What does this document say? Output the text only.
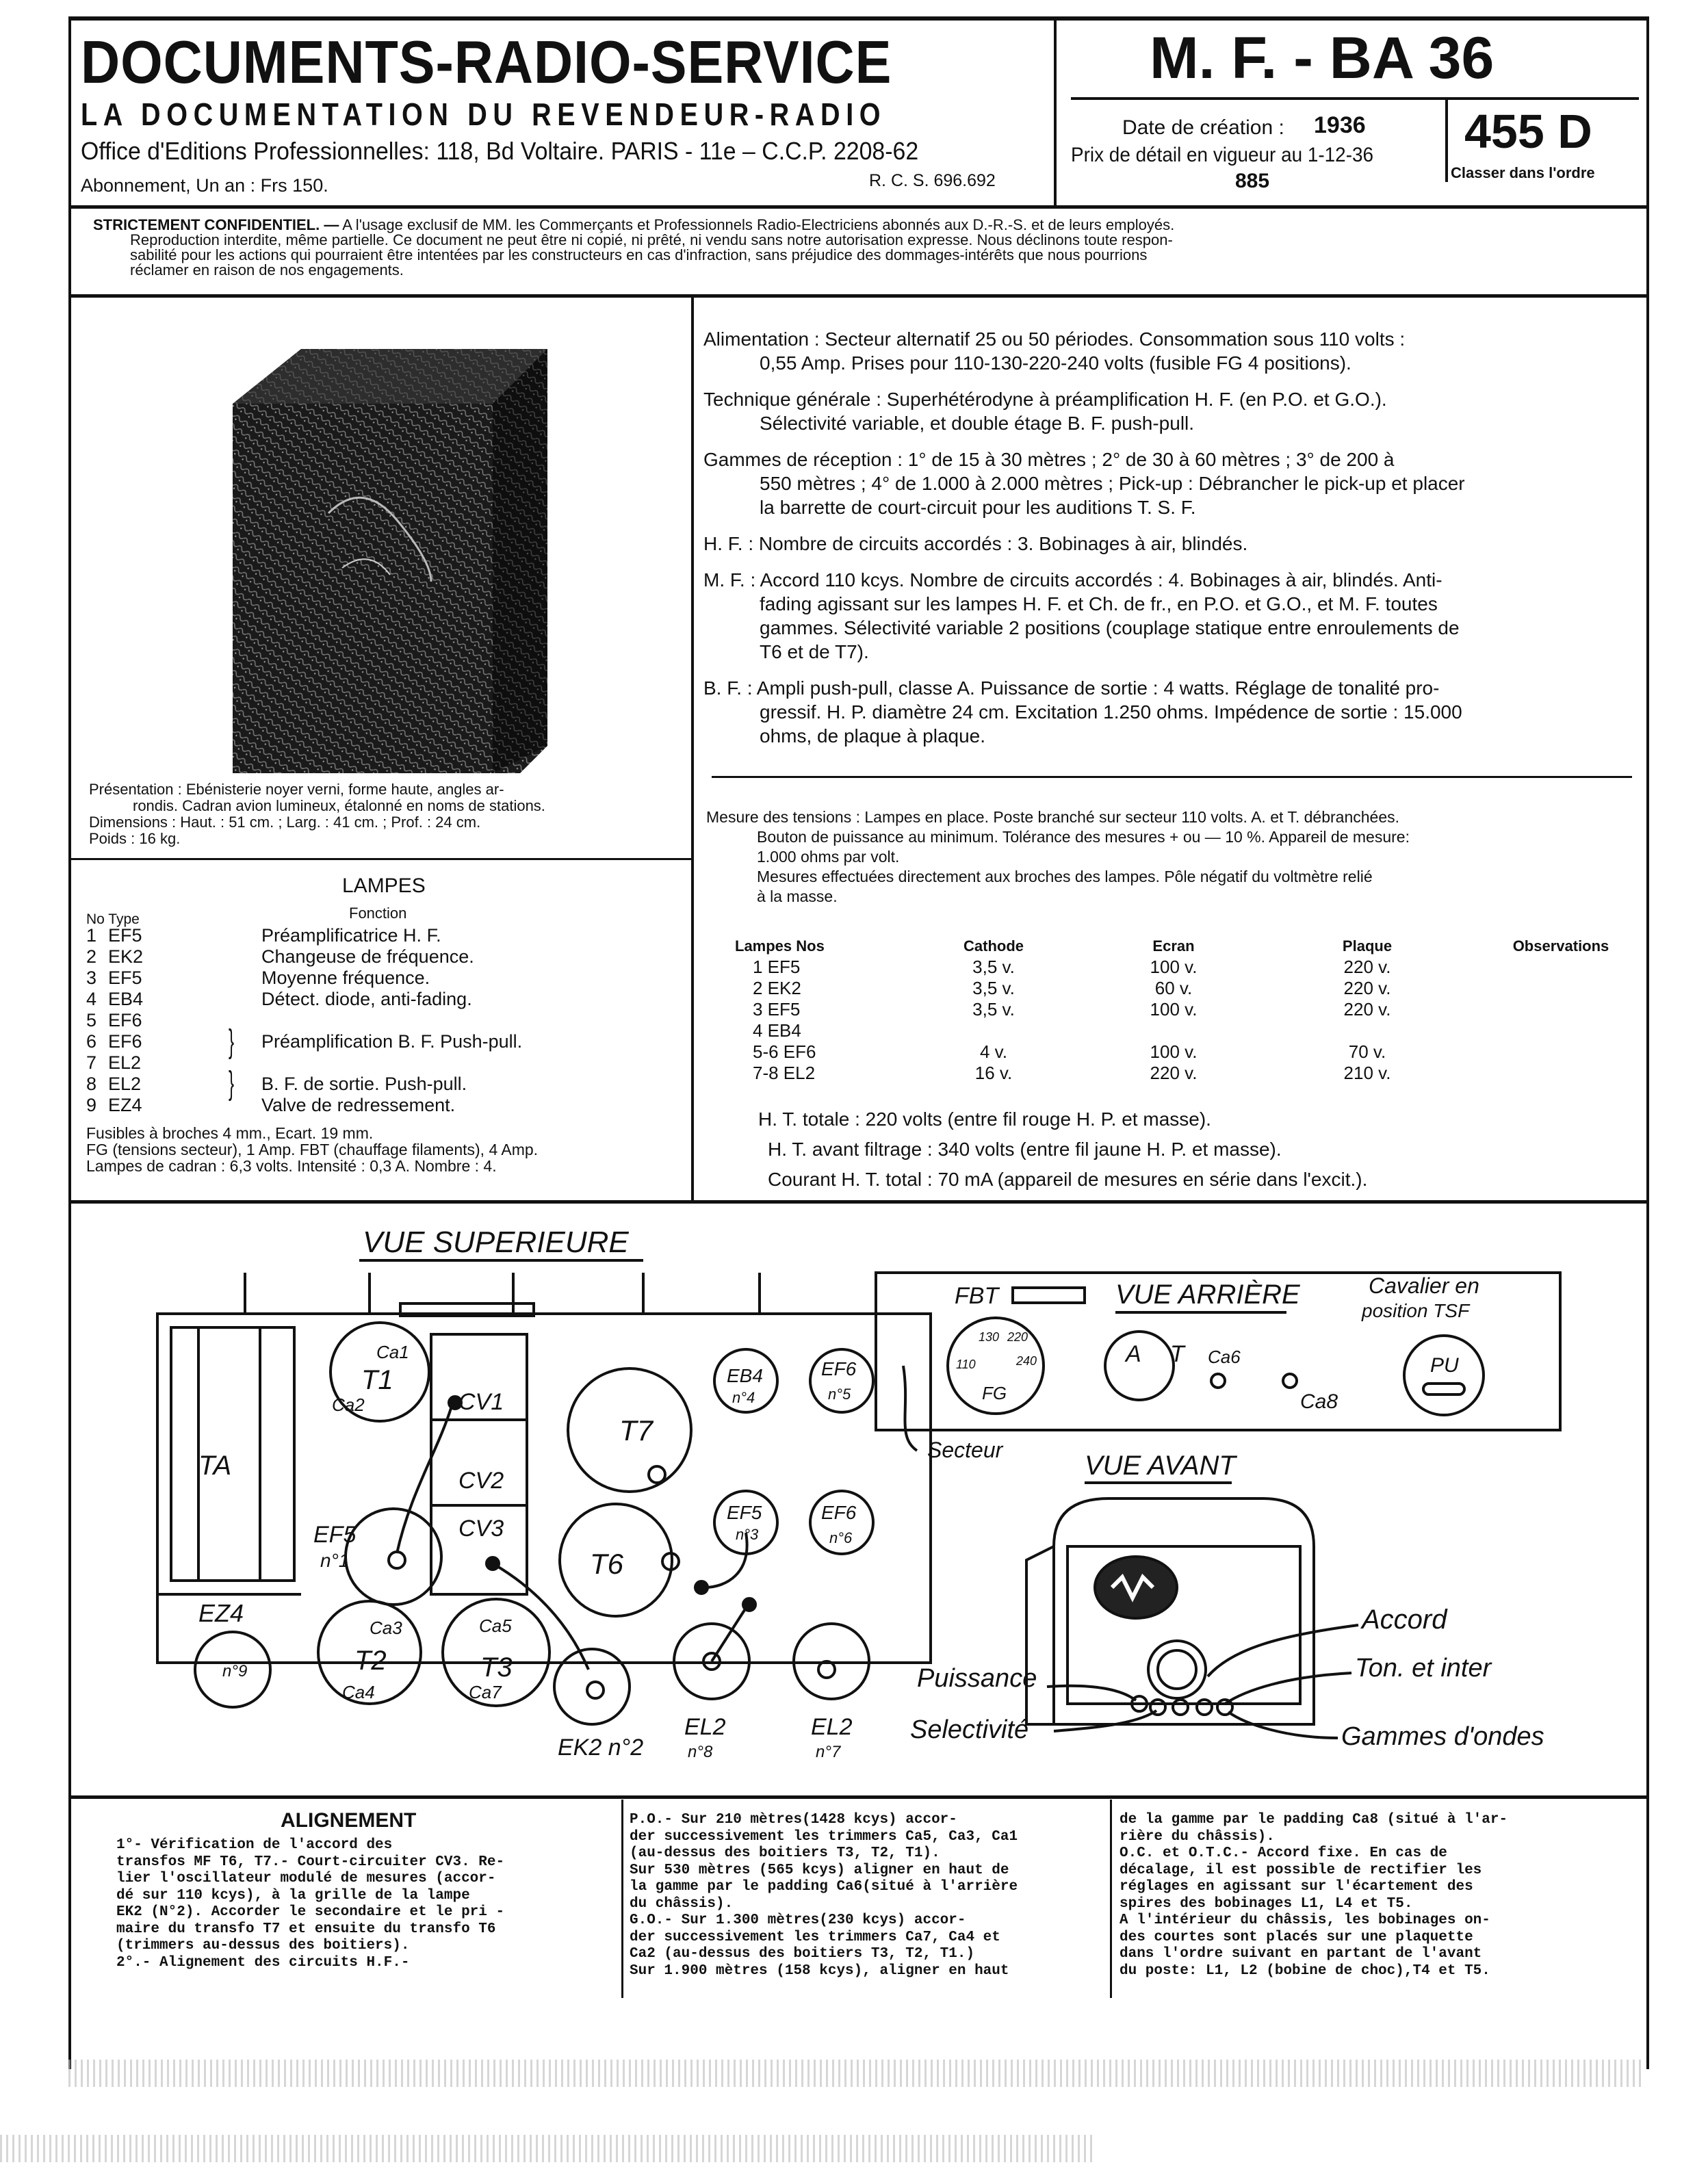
DOCUMENTS-RADIO-SERVICE
LA DOCUMENTATION DU REVENDEUR-RADIO
Office d'Editions Professionnelles: 118, Bd Voltaire. PARIS - 11e – C.C.P. 2208-62
Abonnement, Un an : Frs 150.	R. C. S. 696.692
M. F. - BA 36
Date de création : 1936
Prix de détail en vigueur au 1-12-36
885
455 D
Classer dans l'ordre
STRICTEMENT CONFIDENTIEL. — A l'usage exclusif de MM. les Commerçants et Professionnels Radio-Electriciens abonnés aux D.-R.-S. et de leurs employés.
Reproduction interdite, même partielle. Ce document ne peut être ni copié, ni prêté, ni vendu sans notre autorisation expresse. Nous déclinons toute respon-
sabilité pour les actions qui pourraient être intentées par les constructeurs en cas d'infraction, sans préjudice des dommages-intérêts que nous pourrions
réclamer en raison de nos engagements.
Présentation : Ebénisterie noyer verni, forme haute, angles ar-
rondis. Cadran avion lumineux, étalonné en noms de stations.
Dimensions : Haut. : 51 cm. ; Larg. : 41 cm. ; Prof. : 24 cm.
Poids : 16 kg.
LAMPES
No Type	Fonction
1	EF5	Préamplificatrice H. F.
2	EK2	Changeuse de fréquence.
3	EF5	Moyenne fréquence.
4	EB4	Détect. diode, anti-fading.
5	EF6	
6	EF6	Préamplification B. F. Push-pull.
7	EL2	
8	EL2	B. F. de sortie. Push-pull.
9	EZ4	Valve de redressement.
}
}
Fusibles à broches 4 mm., Ecart. 19 mm.
FG (tensions secteur), 1 Amp. FBT (chauffage filaments), 4 Amp.
Lampes de cadran : 6,3 volts. Intensité : 0,3 A. Nombre : 4.
Alimentation : Secteur alternatif 25 ou 50 périodes. Consommation sous 110 volts :
0,55 Amp. Prises pour 110-130-220-240 volts (fusible FG 4 positions).
Technique générale : Superhétérodyne à préamplification H. F. (en P.O. et G.O.).
Sélectivité variable, et double étage B. F. push-pull.
Gammes de réception : 1° de 15 à 30 mètres ; 2° de 30 à 60 mètres ; 3° de 200 à
550 mètres ; 4° de 1.000 à 2.000 mètres ; Pick-up : Débrancher le pick-up et placer
la barrette de court-circuit pour les auditions T. S. F.
H. F. : Nombre de circuits accordés : 3. Bobinages à air, blindés.
M. F. : Accord 110 kcys. Nombre de circuits accordés : 4. Bobinages à air, blindés. Anti-
fading agissant sur les lampes H. F. et Ch. de fr., en P.O. et G.O., et M. F. toutes
gammes. Sélectivité variable 2 positions (couplage statique entre enroulements de
T6 et de T7).
B. F. : Ampli push-pull, classe A. Puissance de sortie : 4 watts. Réglage de tonalité pro-
gressif. H. P. diamètre 24 cm. Excitation 1.250 ohms. Impédence de sortie : 15.000
ohms, de plaque à plaque.
Mesure des tensions : Lampes en place. Poste branché sur secteur 110 volts. A. et T. débranchées.
Bouton de puissance au minimum. Tolérance des mesures + ou — 10 %. Appareil de mesure:
1.000 ohms par volt.
Mesures effectuées directement aux broches des lampes. Pôle négatif du voltmètre relié
à la masse.
Lampes Nos	Cathode	Ecran	Plaque	Observations
1 EF5	3,5 v.	100 v.	220 v.	
2 EK2	3,5 v.	60 v.	220 v.	
3 EF5	3,5 v.	100 v.	220 v.	
4 EB4				
5-6 EF6	4 v.	100 v.	70 v.	
7-8 EL2	16 v.	220 v.	210 v.	
H. T. totale : 220 volts (entre fil rouge H. P. et masse).
H. T. avant filtrage : 340 volts (entre fil jaune H. P. et masse).
Courant H. T. total : 70 mA (appareil de mesures en série dans l'excit.).
VUE SUPERIEURE
TA
T1
Ca1
Ca2
EF5
n°1
CV1
CV2
CV3
T7
T6
EB4
n°4
EF6
n°5
EF5
n°3
EF6
n°6
EZ4
n°9	T2
Ca3
Ca4
T3
Ca5
Ca7
EK2 n°2
EL2
n°8
EL2
n°7
FBT	VUE ARRIÈRE
130 220
110	240
FG
A T Ca6
Ca8
Cavalier en
position TSF
PU
Secteur
VUE AVANT
Accord
Ton. et inter
Puissance
Selectivité	Gammes d'ondes
ALIGNEMENT
1°- Vérification de l'accord des
transfos MF T6, T7.- Court-circuiter CV3. Re-
lier l'oscillateur modulé de mesures (accor-
dé sur 110 kcys), à la grille de la lampe
EK2 (N°2). Accorder le secondaire et le pri -
maire du transfo T7 et ensuite du transfo T6
(trimmers au-dessus des boitiers).
2°.- Alignement des circuits H.F.-
P.O.- Sur 210 mètres(1428 kcys) accor-
der successivement les trimmers Ca5, Ca3, Ca1
(au-dessus des boitiers T3, T2, T1).
Sur 530 mètres (565 kcys) aligner en haut de
la gamme par le padding Ca6(situé à l'arrière
du châssis).
G.O.- Sur 1.300 mètres(230 kcys) accor-
der successivement les trimmers Ca7, Ca4 et
Ca2 (au-dessus des boitiers T3, T2, T1.)
Sur 1.900 mètres (158 kcys), aligner en haut
de la gamme par le padding Ca8 (situé à l'ar-
rière du châssis).
O.C. et O.T.C.- Accord fixe. En cas de
décalage, il est possible de rectifier les
réglages en agissant sur l'écartement des
spires des bobinages L1, L4 et T5.
A l'intérieur du châssis, les bobinages on-
des courtes sont placés sur une plaquette
dans l'ordre suivant en partant de l'avant
du poste: L1, L2 (bobine de choc),T4 et T5.
